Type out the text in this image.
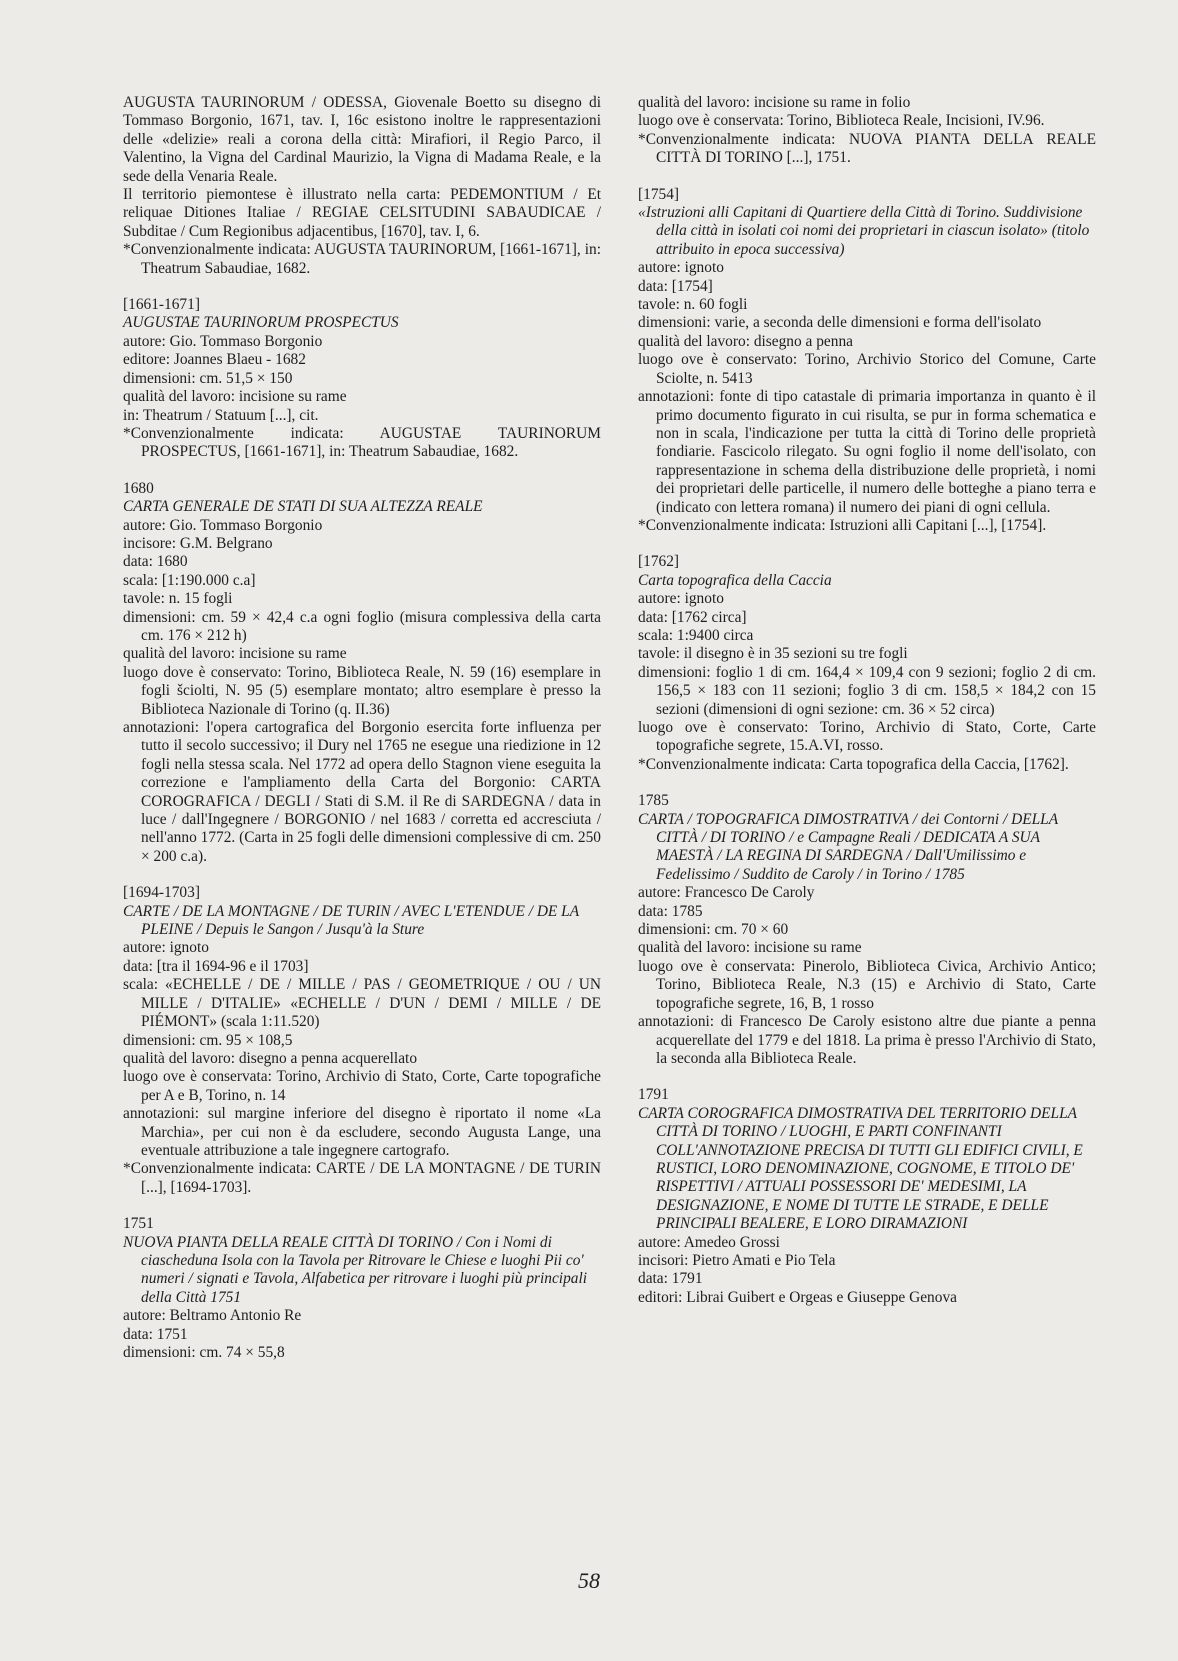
AUGUSTA TAURINORUM / ODESSA, Giovenale Boetto su disegno di Tommaso Borgonio, 1671, tav. I, 16c esistono inoltre le rappresentazioni delle «delizie» reali a corona della città: Mirafiori, il Regio Parco, il Valentino, la Vigna del Cardinal Maurizio, la Vigna di Madama Reale, e la sede della Venaria Reale.

Il territorio piemontese è illustrato nella carta: PEDEMONTIUM / Et reliquae Ditiones Italiae / REGIAE CELSITUDINI SABAUDICAE / Subditae / Cum Regionibus adjacentibus, [1670], tav. I, 6.

*Convenzionalmente indicata: AUGUSTA TAURINORUM, [1661-1671], in: Theatrum Sabaudiae, 1682.

[1661-1671]

AUGUSTAE TAURINORUM PROSPECTUS

autore: Gio. Tommaso Borgonio

editore: Joannes Blaeu - 1682

dimensioni: cm. 51,5 × 150

qualità del lavoro: incisione su rame

in: Theatrum / Statuum [...], cit.

*Convenzionalmente indicata: AUGUSTAE TAURINORUM PROSPECTUS, [1661-1671], in: Theatrum Sabaudiae, 1682.

1680

CARTA GENERALE DE STATI DI SUA ALTEZZA REALE

autore: Gio. Tommaso Borgonio

incisore: G.M. Belgrano

data: 1680

scala: [1:190.000 c.a]

tavole: n. 15 fogli

dimensioni: cm. 59 × 42,4 c.a ogni foglio (misura complessiva della carta cm. 176 × 212 h)

qualità del lavoro: incisione su rame

luogo dove è conservato: Torino, Biblioteca Reale, N. 59 (16) esemplare in fogli šciolti, N. 95 (5) esemplare montato; altro esemplare è presso la Biblioteca Nazionale di Torino (q. II.36)

annotazioni: l'opera cartografica del Borgonio esercita forte influenza per tutto il secolo successivo; il Dury nel 1765 ne esegue una riedizione in 12 fogli nella stessa scala. Nel 1772 ad opera dello Stagnon viene eseguita la correzione e l'ampliamento della Carta del Borgonio: CARTA COROGRAFICA / DEGLI / Stati di S.M. il Re di SARDEGNA / data in luce / dall'Ingegnere / BORGONIO / nel 1683 / corretta ed accresciuta / nell'anno 1772. (Carta in 25 fogli delle dimensioni complessive di cm. 250 × 200 c.a).

[1694-1703]

CARTE / DE LA MONTAGNE / DE TURIN / AVEC L'ETENDUE / DE LA PLEINE / Depuis le Sangon / Jusqu'à la Sture

autore: ignoto

data: [tra il 1694-96 e il 1703]

scala: «ECHELLE / DE / MILLE / PAS / GEOMETRIQUE / OU / UN MILLE / D'ITALIE» «ECHELLE / D'UN / DEMI / MILLE / DE PIÉMONT» (scala 1:11.520)

dimensioni: cm. 95 × 108,5

qualità del lavoro: disegno a penna acquerellato

luogo ove è conservata: Torino, Archivio di Stato, Corte, Carte topografiche per A e B, Torino, n. 14

annotazioni: sul margine inferiore del disegno è riportato il nome «La Marchia», per cui non è da escludere, secondo Augusta Lange, una eventuale attribuzione a tale ingegnere cartografo.

*Convenzionalmente indicata: CARTE / DE LA MONTAGNE / DE TURIN [...], [1694-1703].

1751

NUOVA PIANTA DELLA REALE CITTÀ DI TORINO / Con i Nomi di ciascheduna Isola con la Tavola per Ritrovare le Chiese e luoghi Pii co' numeri / signati e Tavola, Alfabetica per ritrovare i luoghi più principali della Città 1751

autore: Beltramo Antonio Re

data: 1751

dimensioni: cm. 74 × 55,8

qualità del lavoro: incisione su rame in folio

luogo ove è conservata: Torino, Biblioteca Reale, Incisioni, IV.96.

*Convenzionalmente indicata: NUOVA PIANTA DELLA REALE CITTÀ DI TORINO [...], 1751.

[1754]

«Istruzioni alli Capitani di Quartiere della Città di Torino. Suddivisione della città in isolati coi nomi dei proprietari in ciascun isolato» (titolo attribuito in epoca successiva)

autore: ignoto

data: [1754]

tavole: n. 60 fogli

dimensioni: varie, a seconda delle dimensioni e forma dell'isolato

qualità del lavoro: disegno a penna

luogo ove è conservato: Torino, Archivio Storico del Comune, Carte Sciolte, n. 5413

annotazioni: fonte di tipo catastale di primaria importanza in quanto è il primo documento figurato in cui risulta, se pur in forma schematica e non in scala, l'indicazione per tutta la città di Torino delle proprietà fondiarie. Fascicolo rilegato. Su ogni foglio il nome dell'isolato, con rappresentazione in schema della distribuzione delle proprietà, i nomi dei proprietari delle particelle, il numero delle botteghe a piano terra e (indicato con lettera romana) il numero dei piani di ogni cellula.

*Convenzionalmente indicata: Istruzioni alli Capitani [...], [1754].

[1762]

Carta topografica della Caccia

autore: ignoto

data: [1762 circa]

scala: 1:9400 circa

tavole: il disegno è in 35 sezioni su tre fogli

dimensioni: foglio 1 di cm. 164,4 × 109,4 con 9 sezioni; foglio 2 di cm. 156,5 × 183 con 11 sezioni; foglio 3 di cm. 158,5 × 184,2 con 15 sezioni (dimensioni di ogni sezione: cm. 36 × 52 circa)

luogo ove è conservato: Torino, Archivio di Stato, Corte, Carte topografiche segrete, 15.A.VI, rosso.

*Convenzionalmente indicata: Carta topografica della Caccia, [1762].

1785

CARTA / TOPOGRAFICA DIMOSTRATIVA / dei Contorni / DELLA CITTÀ / DI TORINO / e Campagne Reali / DEDICATA A SUA MAESTÀ / LA REGINA DI SARDEGNA / Dall'Umilissimo e Fedelissimo / Suddito de Caroly / in Torino / 1785

autore: Francesco De Caroly

data: 1785

dimensioni: cm. 70 × 60

qualità del lavoro: incisione su rame

luogo ove è conservata: Pinerolo, Biblioteca Civica, Archivio Antico; Torino, Biblioteca Reale, N.3 (15) e Archivio di Stato, Carte topografiche segrete, 16, B, 1 rosso

annotazioni: di Francesco De Caroly esistono altre due piante a penna acquerellate del 1779 e del 1818. La prima è presso l'Archivio di Stato, la seconda alla Biblioteca Reale.

1791

CARTA COROGRAFICA DIMOSTRATIVA DEL TERRITORIO DELLA CITTÀ DI TORINO / LUOGHI, E PARTI CONFINANTI COLL'ANNOTAZIONE PRECISA DI TUTTI GLI EDIFICI CIVILI, E RUSTICI, LORO DENOMINAZIONE, COGNOME, E TITOLO DE' RISPETTIVI / ATTUALI POSSESSORI DE' MEDESIMI, LA DESIGNAZIONE, E NOME DI TUTTE LE STRADE, E DELLE PRINCIPALI BEALERE, E LORO DIRAMAZIONI

autore: Amedeo Grossi

incisori: Pietro Amati e Pio Tela

data: 1791

editori: Librai Guibert e Orgeas e Giuseppe Genova

58
